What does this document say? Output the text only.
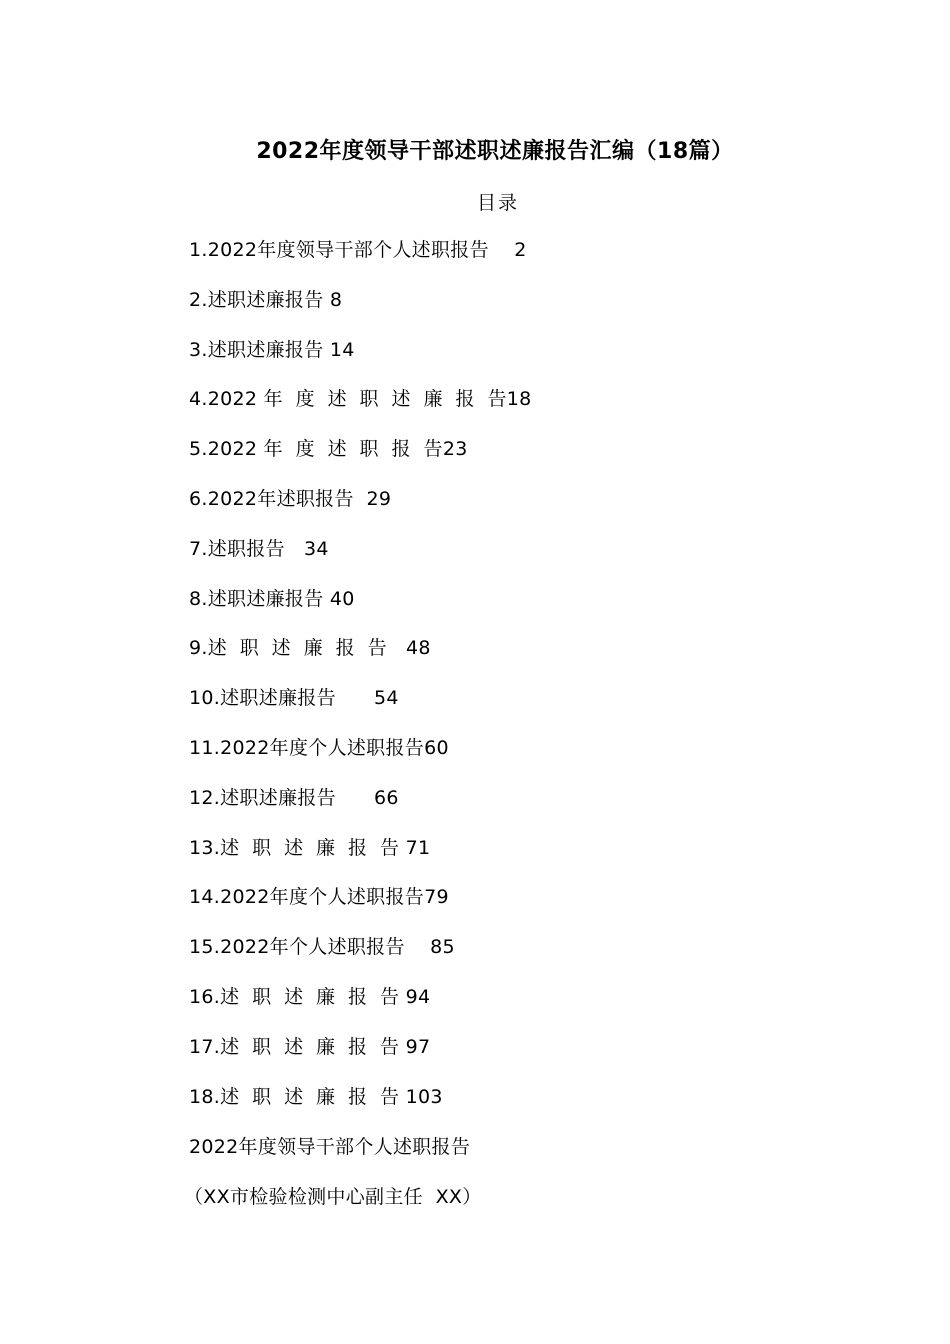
2022年度领导干部述职述廉报告汇编（18篇）
目录
1.2022年度领导干部个人述职报告    2
2.述职述廉报告 8
3.述职述廉报告 14
4.2022 年  度  述  职  述  廉  报  告18
5.2022 年  度  述  职  报  告23
6.2022年述职报告  29
7.述职报告   34
8.述职述廉报告 40
9.述  职  述  廉  报  告   48
10.述职述廉报告      54
11.2022年度个人述职报告60
12.述职述廉报告      66
13.述  职  述  廉  报  告 71
14.2022年度个人述职报告79
15.2022年个人述职报告    85
16.述  职  述  廉  报  告 94
17.述  职  述  廉  报  告 97
18.述  职  述  廉  报  告 103
2022年度领导干部个人述职报告
（XX市检验检测中心副主任  XX）
